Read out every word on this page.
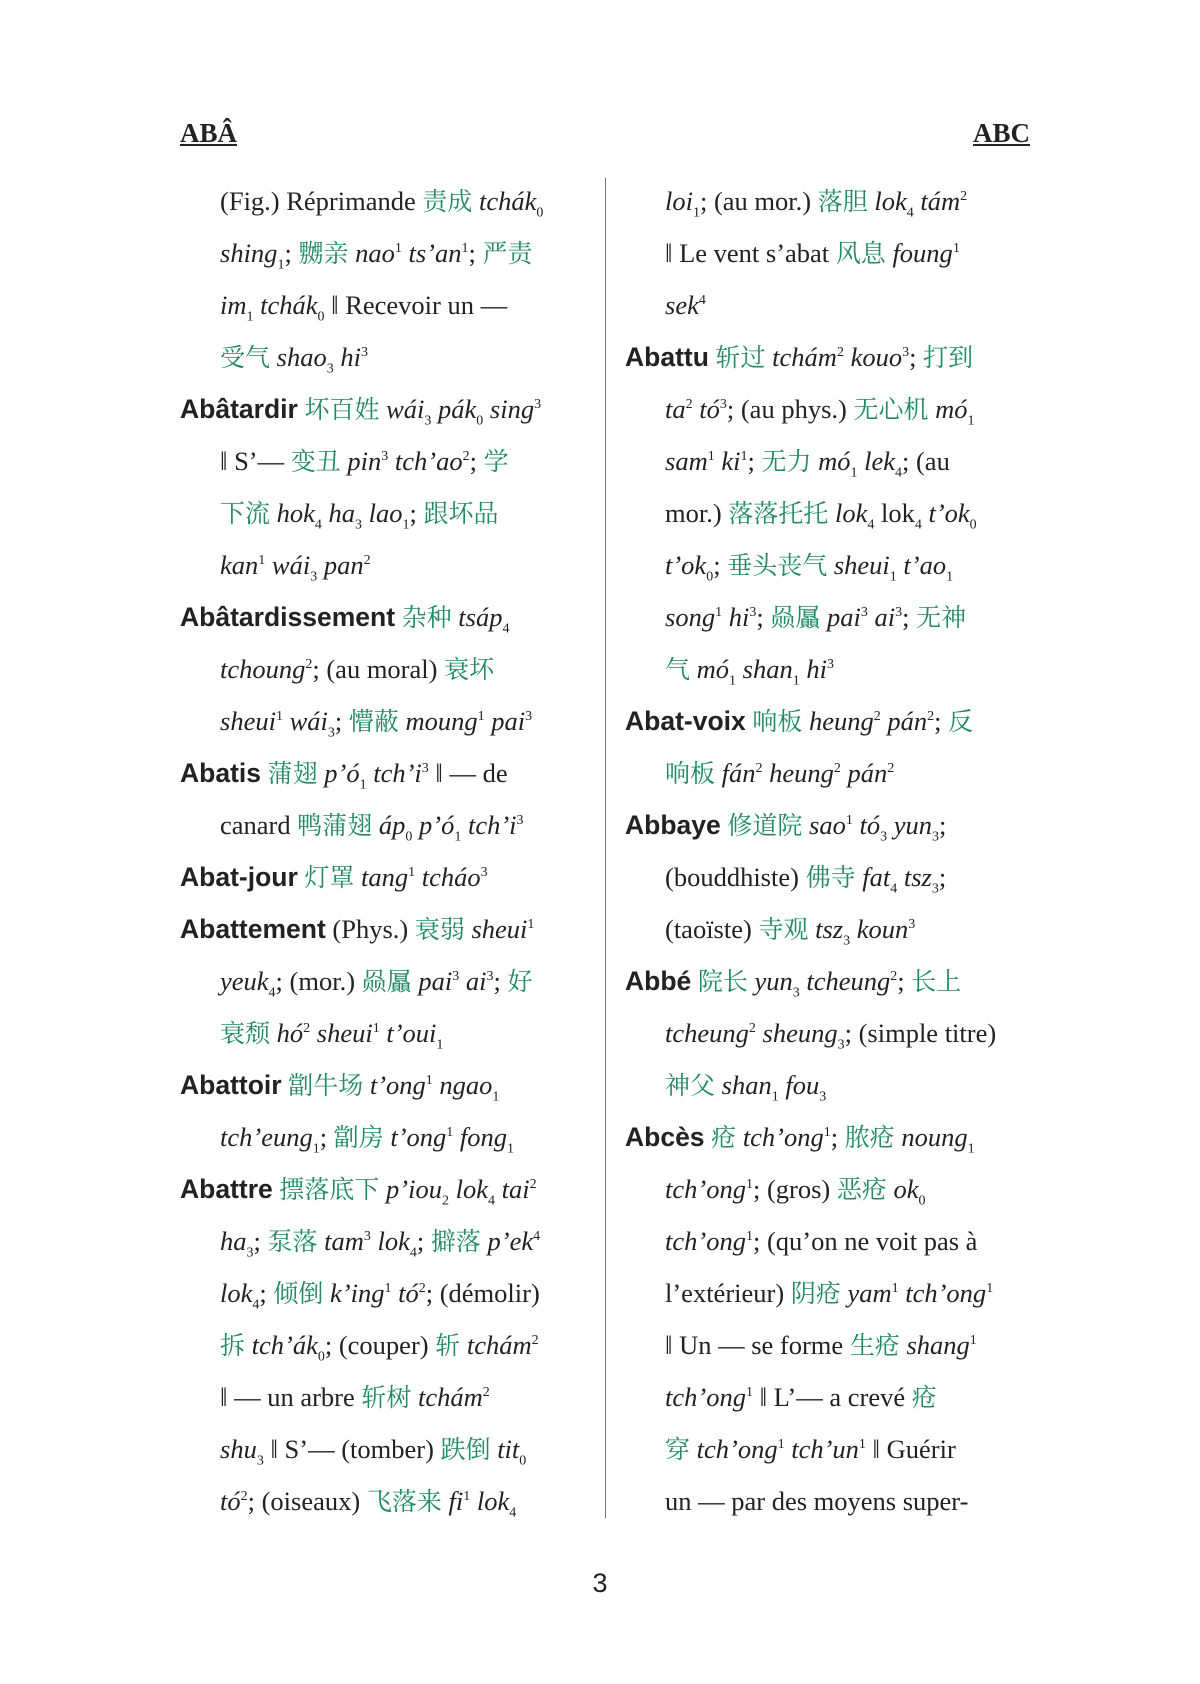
ABÂ	ABC
(Fig.) Réprimande 责成 tchák$_0$
shing$_1$; 嬲亲 nao$^1$ $ts’an^1$; 严责
$im_1$ tchák$_0$ ‖ Recevoir un —
受气 shao$_3$ $hi^3$
Abâtardir 坏百姓 wái$_3$ pák$_0$ sing$^3$
‖ S’— 变丑 pin$^3$ $tch’ao^2$; 学
下流 hok$_4$ $ha_3$ lao$_1$; 跟坏品
kan$^1$ wái$_3$ pan$^2$
Abâtardissement 杂种 tsáp$_4$
tchoung$^2$; (au moral) 衰坏
sheui$^1$ wái$_3$; 懵蔽 moung$^1$ pai$^3$
Abatis 蒲翅 $p’ó_1$ $tch’i^3$ ‖ — de
canard 鸭蒲翅 $áp_0$ $p’ó_1$ $tch’i^3$
Abat-jour 灯罩 tang$^1$ tcháo$^3$
Abattement (Phys.) 衰弱 sheui$^1$
yeuk$_4$; (mor.) 赑屭 pai$^3$ $ai^3$; 好
衰颓 $hó^2$ sheui$^1$ t’oui$_1$
Abattoir 劏牛场 t’ong$^1$ ngao$_1$
tch’eung$_1$; 劏房 t’ong$^1$ fong$_1$
Abattre 摽落底下 p’iou$_2$ lok$_4$ tai$^2$
$ha_3$; 泵落 tam$^3$ lok$_4$; 擗落 $p’ek^4$
lok$_4$; 倾倒 k’ing$^1$ $tó^2$; (démolir)
拆 $tch’ák_0$; (couper) 斩 tchám$^2$
‖ — un arbre 斩树 tchám$^2$
shu$_3$ ‖ S’— (tomber) 跌倒 tit$_0$
$tó^2$; (oiseaux) 飞落来 $fi^1$ lok$_4$
loi$_1$; (au mor.) 落胆 lok$_4$ tám$^2$
‖ Le vent s’abat 风息 foung$^1$
sek$^4$
Abattu 斩过 tchám$^2$ kouo$^3$; 打到
$ta^2$ $tó^3$; (au phys.) 无心机 $mó_1$
sam$^1$ $ki^1$; 无力 $mó_1$ lek$_4$; (au
mor.) 落落托托 lok$_4$ lok$_4$ $t’ok_0$
$t’ok_0$; 垂头丧气 sheui$_1$ $t’ao_1$
song$^1$ $hi^3$; 赑屭 pai$^3$ $ai^3$; 无神
气 $mó_1$ shan$_1$ $hi^3$
Abat-voix 响板 heung$^2$ pán$^2$; 反
响板 fán$^2$ heung$^2$ pán$^2$
Abbaye 修道院 sao$^1$ $tó_3$ yun$_3$;
(bouddhiste) 佛寺 fat$_4$ tsz$_3$;
(taoïste) 寺观 tsz$_3$ koun$^3$
Abbé 院长 yun$_3$ tcheung$^2$; 长上
tcheung$^2$ sheung$_3$; (simple titre)
神父 shan$_1$ fou$_3$
Abcès 疮 tch’ong$^1$; 脓疮 noung$_1$
tch’ong$^1$; (gros) 恶疮 $ok_0$
tch’ong$^1$; (qu’on ne voit pas à
l’extérieur) 阴疮 yam$^1$ tch’ong$^1$
‖ Un — se forme 生疮 shang$^1$
tch’ong$^1$ ‖ L’— a crevé 疮
穿 tch’ong$^1$ $tch’un^1$ ‖ Guérir
un — par des moyens super-
3
